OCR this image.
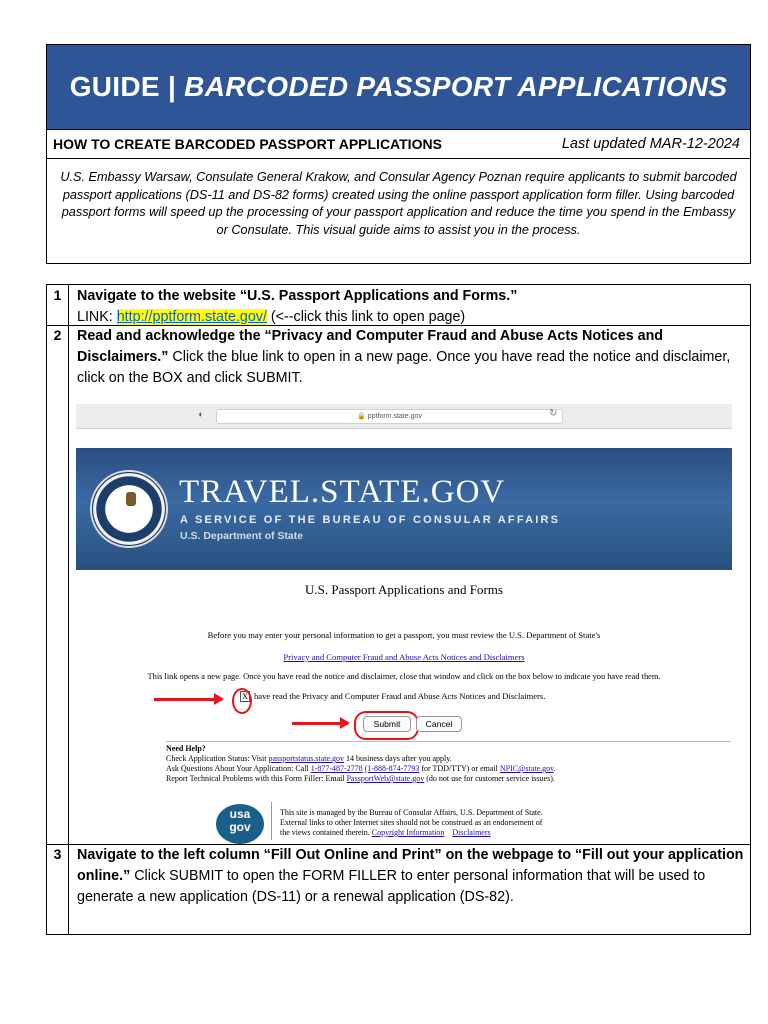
GUIDE |
BARCODED PASSPORT APPLICATIONS
HOW TO CREATE BARCODED PASSPORT APPLICATIONS	Last updated MAR-12-2024
U.S. Embassy Warsaw, Consulate General Krakow, and Consular Agency Poznan require applicants to submit barcoded passport applications (DS-11 and DS-82 forms) created using the online passport application form filler. Using barcoded passport forms will speed up the processing of your passport application and reduce the time you spend in the Embassy or Consulate. This visual guide aims to assist you in the process.
1	Navigate to the website “U.S. Passport Applications and Forms.”
LINK: http://pptform.state.gov/ (<--click this link to open page)
2	Read and acknowledge the “Privacy and Computer Fraud and Abuse Acts Notices and Disclaimers.” Click the blue link to open in a new page. Once you have read the notice and disclaimer, click on the BOX and click SUBMIT.
3	Navigate to the left column “Fill Out Online and Print” on the webpage to “Fill out your application online.” Click SUBMIT to open the FORM FILLER to enter personal information that will be used to generate a new application (DS-11) or a renewal application (DS-82).
◐	🔒 pptform.state.gov	↻
TRAVEL.STATE.GOV
A SERVICE OF THE BUREAU OF CONSULAR AFFAIRS
U.S. Department of State
U.S. Passport Applications and Forms
Before you may enter your personal information to get a passport, you must review the U.S. Department of State's
Privacy and Computer Fraud and Abuse Acts Notices and Disclaimers
This link opens a new page. Once you have read the notice and disclaimer, close that window and click on the box below to indicate you have read them.
X have read the Privacy and Computer Fraud and Abuse Acts Notices and Disclaimers.
Submit	Cancel
Need Help?
Check Application Status: Visit passportstatus.state.gov 14 business days after you apply.
Ask Questions About Your Application: Call 1-877-487-2778 (1-888-874-7793 for TDD/TTY) or email NPIC@state.gov.
Report Technical Problems with this Form Filler: Email PassportWeb@state.gov (do not use for customer service issues).
usa
gov
This site is managed by the Bureau of Consular Affairs, U.S. Department of State.
External links to other Internet sites should not be construed as an endorsement of
the views contained therein. Copyright Information Disclaimers
